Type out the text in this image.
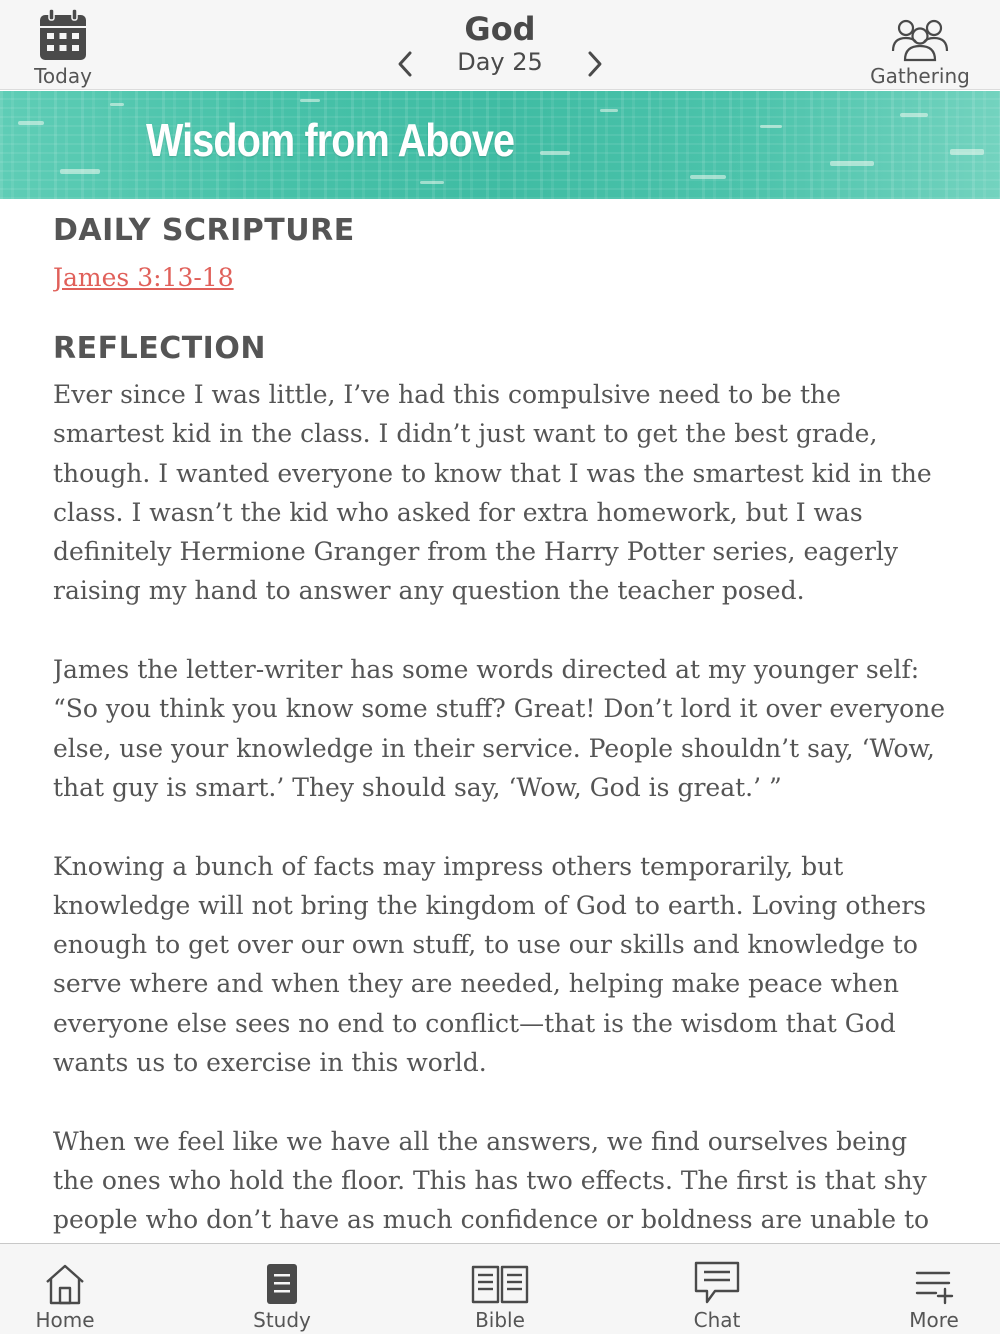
Today
God
Day 25	Gathering
Wisdom from Above
DAILY SCRIPTURE
James 3:13-18
REFLECTION

Ever since I was little, I’ve had this compulsive need to be the
smartest kid in the class. I didn’t just want to get the best grade,
though. I wanted everyone to know that I was the smartest kid in the
class. I wasn’t the kid who asked for extra homework, but I was
definitely Hermione Granger from the Harry Potter series, eagerly
raising my hand to answer any question the teacher posed.

James the letter-writer has some words directed at my younger self:
“So you think you know some stuff? Great! Don’t lord it over everyone
else, use your knowledge in their service. People shouldn’t say, ‘Wow,
that guy is smart.’ They should say, ‘Wow, God is great.’ ”

Knowing a bunch of facts may impress others temporarily, but
knowledge will not bring the kingdom of God to earth. Loving others
enough to get over our own stuff, to use our skills and knowledge to
serve where and when they are needed, helping make peace when
everyone else sees no end to conflict—that is the wisdom that God
wants us to exercise in this world.

When we feel like we have all the answers, we find ourselves being
the ones who hold the floor. This has two effects. The first is that shy
people who don’t have as much confidence or boldness are unable to

Home	Study	Bible	Chat	More
